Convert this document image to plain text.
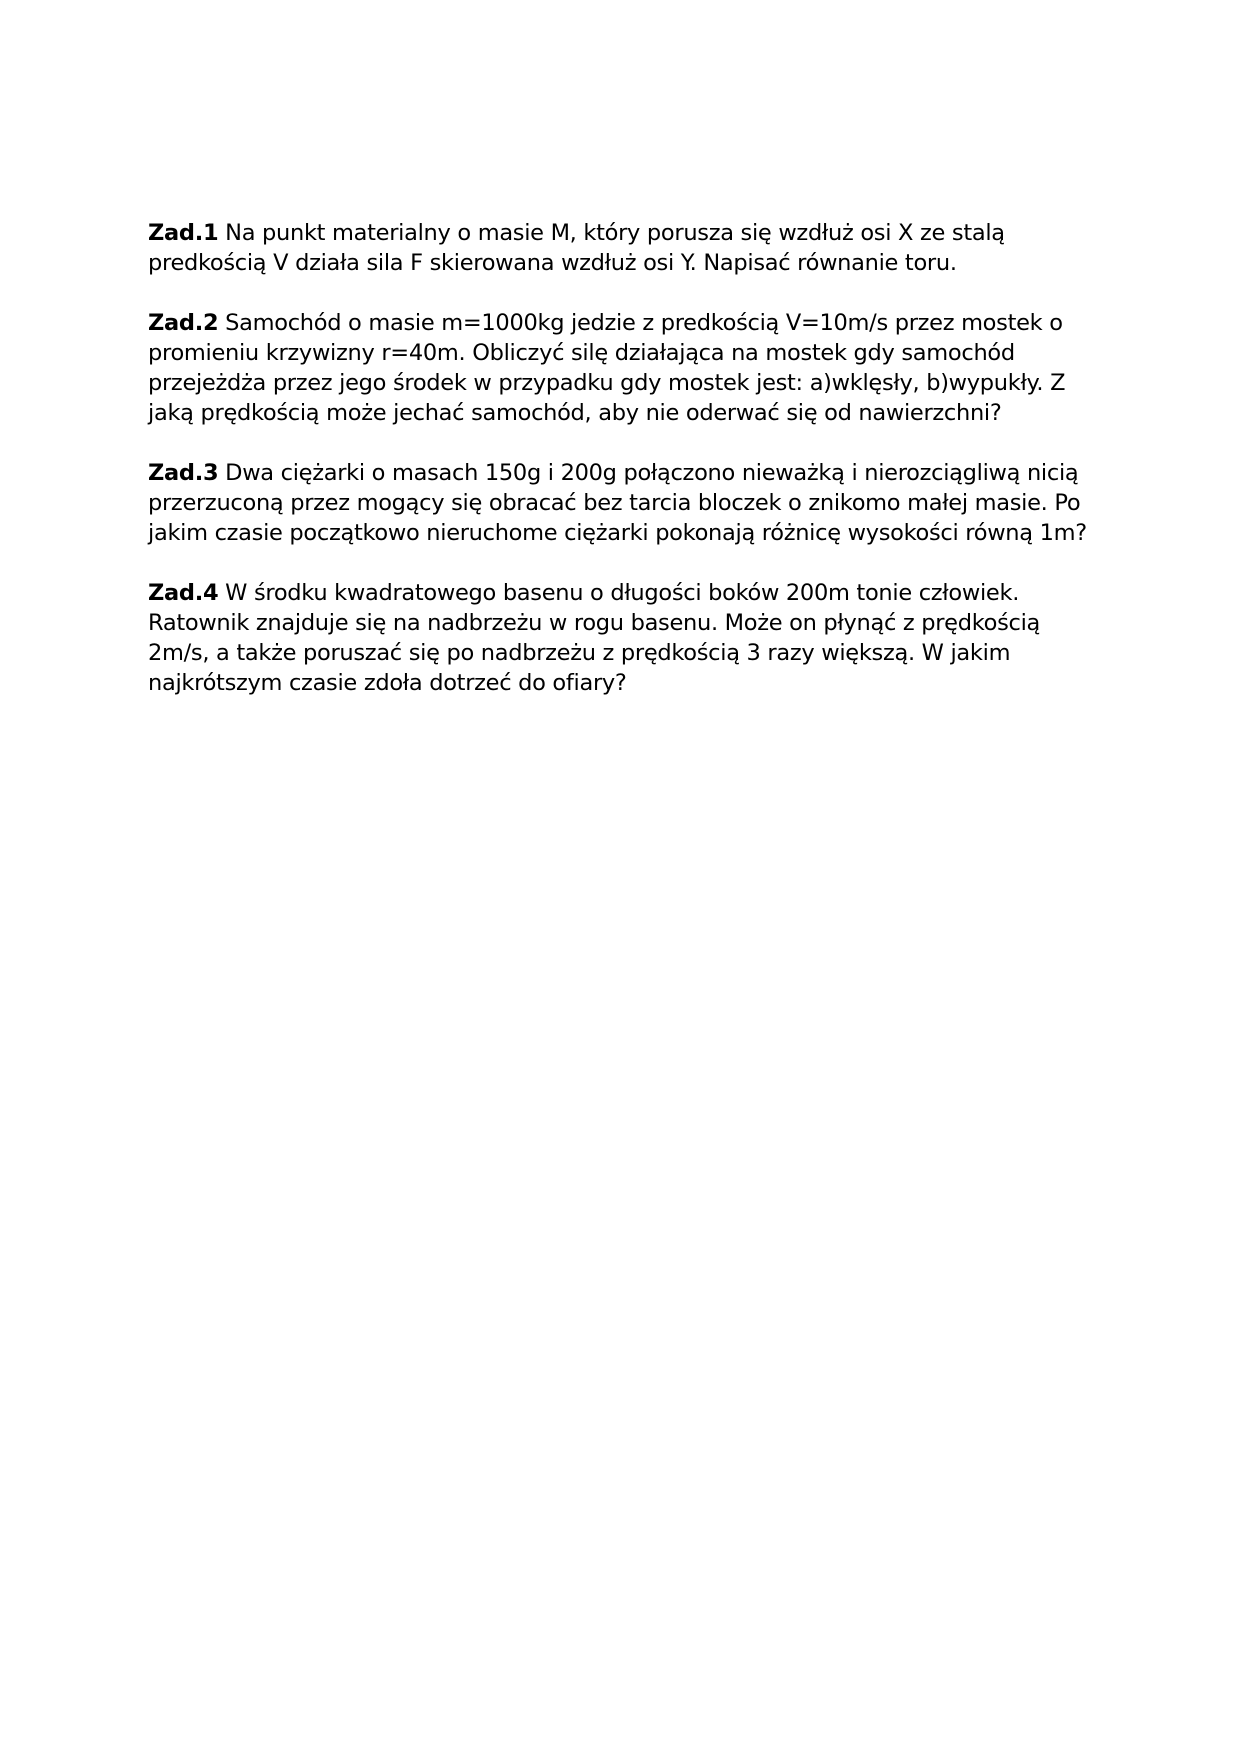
Zad.1 Na punkt materialny o masie M, który porusza się wzdłuż osi X ze stalą
predkością V działa sila F skierowana wzdłuż osi Y. Napisać równanie toru.
Zad.2 Samochód o masie m=1000kg jedzie z predkością V=10m/s przez mostek o
promieniu krzywizny r=40m. Obliczyć silę działająca na mostek gdy samochód
przejeżdża przez jego środek w przypadku gdy mostek jest: a)wklęsły, b)wypukły. Z
jaką prędkością może jechać samochód, aby nie oderwać się od nawierzchni?
Zad.3 Dwa ciężarki o masach 150g i 200g połączono nieważką i nierozciągliwą nicią
przerzuconą przez mogący się obracać bez tarcia bloczek o znikomo małej masie. Po
jakim czasie początkowo nieruchome ciężarki pokonają różnicę wysokości równą 1m?
Zad.4 W środku kwadratowego basenu o długości boków 200m tonie człowiek.
Ratownik znajduje się na nadbrzeżu w rogu basenu. Może on płynąć z prędkością
2m/s, a także poruszać się po nadbrzeżu z prędkością 3 razy większą. W jakim
najkrótszym czasie zdoła dotrzeć do ofiary?
